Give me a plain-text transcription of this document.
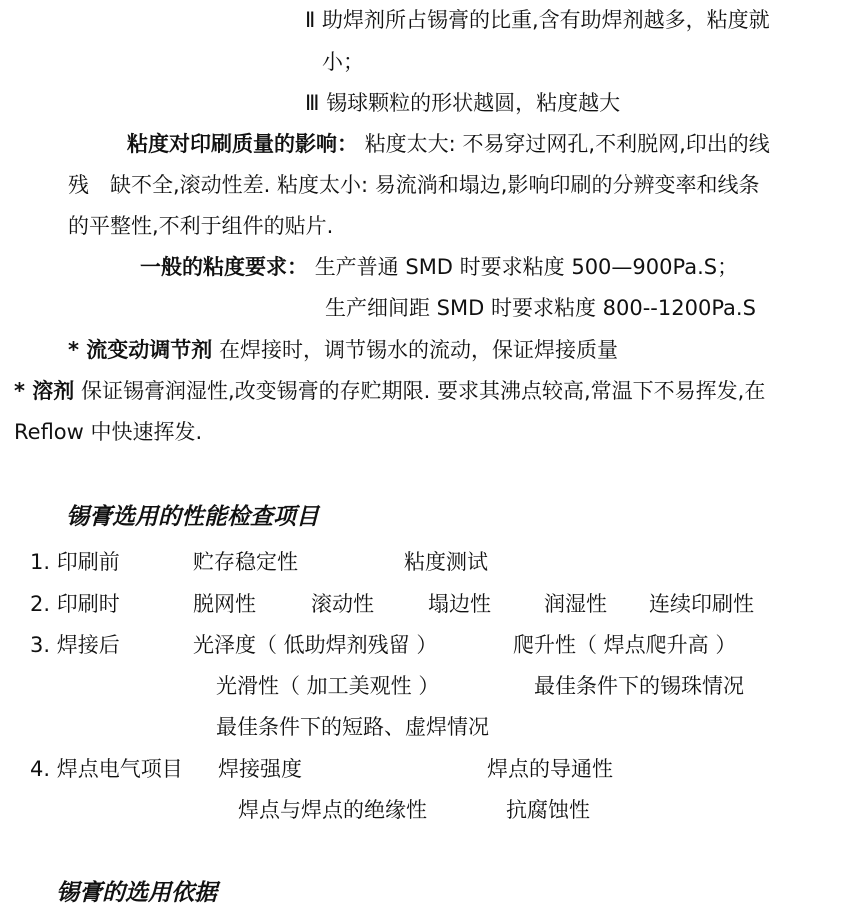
Ⅱ 助焊剂所占锡膏的比重,含有助焊剂越多，粘度就
小；
Ⅲ 锡球颗粒的形状越圆，粘度越大
粘度对印刷质量的影响： 粘度太大: 不易穿过网孔,不利脱网,印出的线
残　缺不全,滚动性差. 粘度太小: 易流淌和塌边,影响印刷的分辨变率和线条
的平整性,不利于组件的贴片.
一般的粘度要求： 生产普通 SMD 时要求粘度 500—900Pa.S；
生产细间距 SMD 时要求粘度 800--1200Pa.S
* 流变动调节剂 在焊接时，调节锡水的流动，保证焊接质量
* 溶剂 保证锡膏润湿性,改变锡膏的存贮期限. 要求其沸点较高,常温下不易挥发,在
Reflow 中快速挥发.
锡膏选用的性能检查项目
1. 印刷前	贮存稳定性	粘度测试
2. 印刷时	脱网性	滚动性	塌边性	润湿性 连续印刷性
3. 焊接后	光泽度（ 低助焊剂残留 ）	爬升性（ 焊点爬升高 ）
光滑性（ 加工美观性 ）	最佳条件下的锡珠情况
最佳条件下的短路、虚焊情况
4. 焊点电气项目 焊接强度	焊点的导通性
焊点与焊点的绝缘性	抗腐蚀性
锡膏的选用依据
